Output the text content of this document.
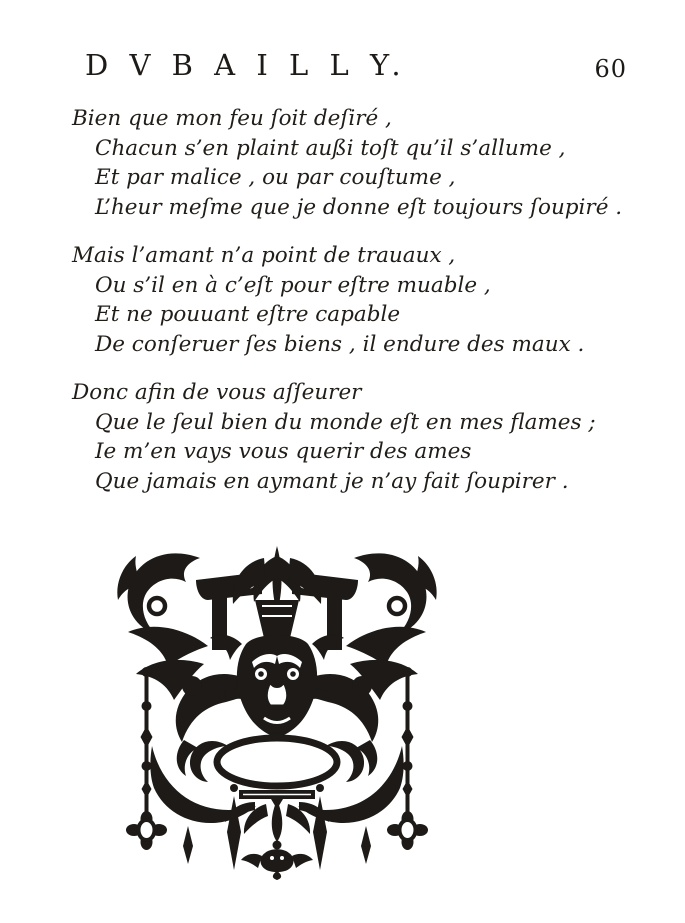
D V B A I L L Y.	60

Bien que mon feu ſoit deſiré ,

Chacun s’en plaint außi toſt qu’il s’allume ,

Et par malice , ou par couſtume ,

L’heur meſme que je donne eſt toujours ſoupiré .

Mais l’amant n’a point de trauaux ,

Ou s’il en à c’eſt pour eſtre muable ,

Et ne pouuant eſtre capable

De conſeruer ſes biens , il endure des maux .

Donc afin de vous aſſeurer

Que le ſeul bien du monde eſt en mes flames ;

Ie m’en vays vous querir des ames

Que jamais en aymant je n’ay fait ſoupirer .
